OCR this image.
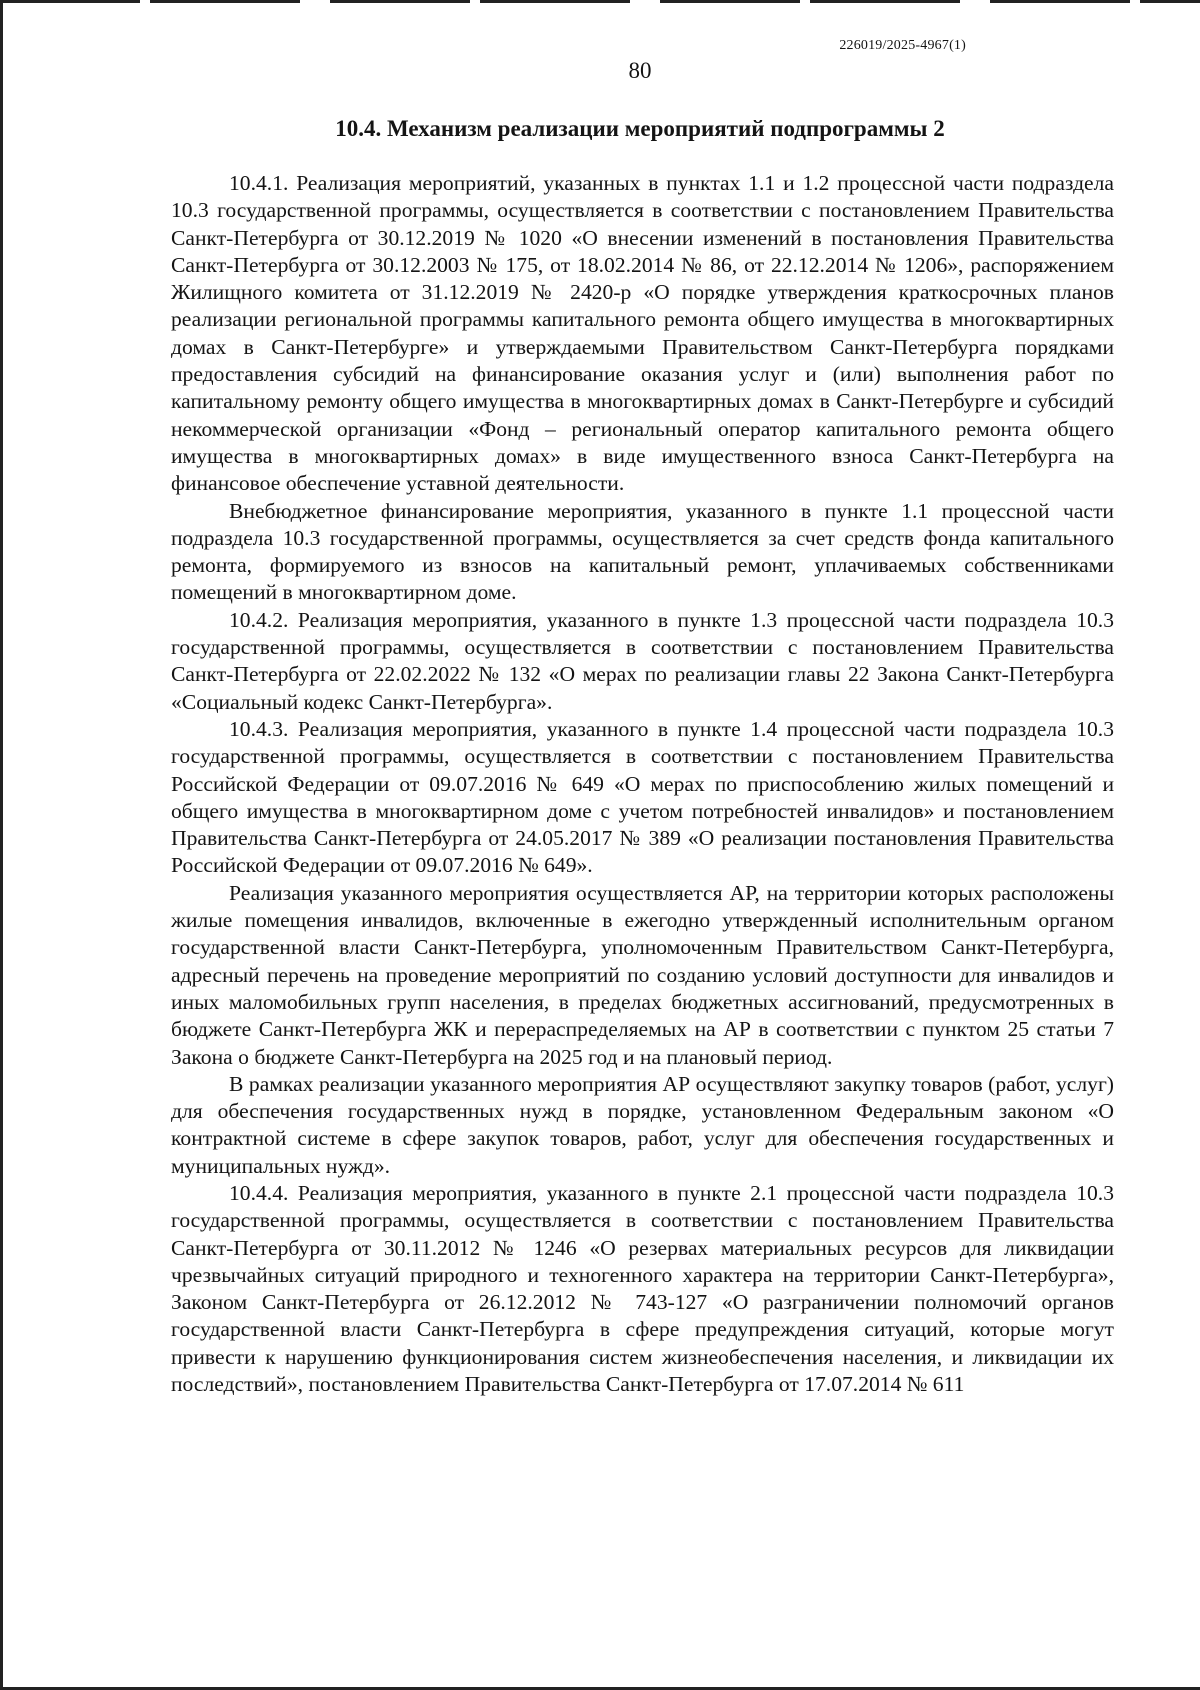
226019/2025-4967(1)
80
10.4. Механизм реализации мероприятий подпрограммы 2

10.4.1. Реализация мероприятий, указанных в пунктах 1.1 и 1.2 процессной части подраздела 10.3 государственной программы, осуществляется в соответствии с постановлением Правительства Санкт-Петербурга от 30.12.2019 № 1020 «О внесении изменений в постановления Правительства Санкт-Петербурга от 30.12.2003 № 175, от 18.02.2014 № 86, от 22.12.2014 № 1206», распоряжением Жилищного комитета от 31.12.2019 № 2420-р «О порядке утверждения краткосрочных планов реализации региональной программы капитального ремонта общего имущества в многоквартирных домах в Санкт-Петербурге» и утверждаемыми Правительством Санкт-Петербурга порядками предоставления субсидий на финансирование оказания услуг и (или) выполнения работ по капитальному ремонту общего имущества в многоквартирных домах в Санкт-Петербурге и субсидий некоммерческой организации «Фонд – региональный оператор капитального ремонта общего имущества в многоквартирных домах» в виде имущественного взноса Санкт-Петербурга на финансовое обеспечение уставной деятельности.

Внебюджетное финансирование мероприятия, указанного в пункте 1.1 процессной части подраздела 10.3 государственной программы, осуществляется за счет средств фонда капитального ремонта, формируемого из взносов на капитальный ремонт, уплачиваемых собственниками помещений в многоквартирном доме.

10.4.2. Реализация мероприятия, указанного в пункте 1.3 процессной части подраздела 10.3 государственной программы, осуществляется в соответствии с постановлением Правительства Санкт-Петербурга от 22.02.2022 № 132 «О мерах по реализации главы 22 Закона Санкт-Петербурга «Социальный кодекс Санкт-Петербурга».

10.4.3. Реализация мероприятия, указанного в пункте 1.4 процессной части подраздела 10.3 государственной программы, осуществляется в соответствии с постановлением Правительства Российской Федерации от 09.07.2016 № 649 «О мерах по приспособлению жилых помещений и общего имущества в многоквартирном доме с учетом потребностей инвалидов» и постановлением Правительства Санкт-Петербурга от 24.05.2017 № 389 «О реализации постановления Правительства Российской Федерации от 09.07.2016 № 649».

Реализация указанного мероприятия осуществляется АР, на территории которых расположены жилые помещения инвалидов, включенные в ежегодно утвержденный исполнительным органом государственной власти Санкт-Петербурга, уполномоченным Правительством Санкт-Петербурга, адресный перечень на проведение мероприятий по созданию условий доступности для инвалидов и иных маломобильных групп населения, в пределах бюджетных ассигнований, предусмотренных в бюджете Санкт-Петербурга ЖК и перераспределяемых на АР в соответствии с пунктом 25 статьи 7 Закона о бюджете Санкт-Петербурга на 2025 год и на плановый период.

В рамках реализации указанного мероприятия АР осуществляют закупку товаров (работ, услуг) для обеспечения государственных нужд в порядке, установленном Федеральным законом «О контрактной системе в сфере закупок товаров, работ, услуг для обеспечения государственных и муниципальных нужд».

10.4.4. Реализация мероприятия, указанного в пункте 2.1 процессной части подраздела 10.3 государственной программы, осуществляется в соответствии с постановлением Правительства Санкт-Петербурга от 30.11.2012 № 1246 «О резервах материальных ресурсов для ликвидации чрезвычайных ситуаций природного и техногенного характера на территории Санкт-Петербурга», Законом Санкт-Петербурга от 26.12.2012 № 743-127 «О разграничении полномочий органов государственной власти Санкт-Петербурга в сфере предупреждения ситуаций, которые могут привести к нарушению функционирования систем жизнеобеспечения населения, и ликвидации их последствий», постановлением Правительства Санкт-Петербурга от 17.07.2014 № 611
